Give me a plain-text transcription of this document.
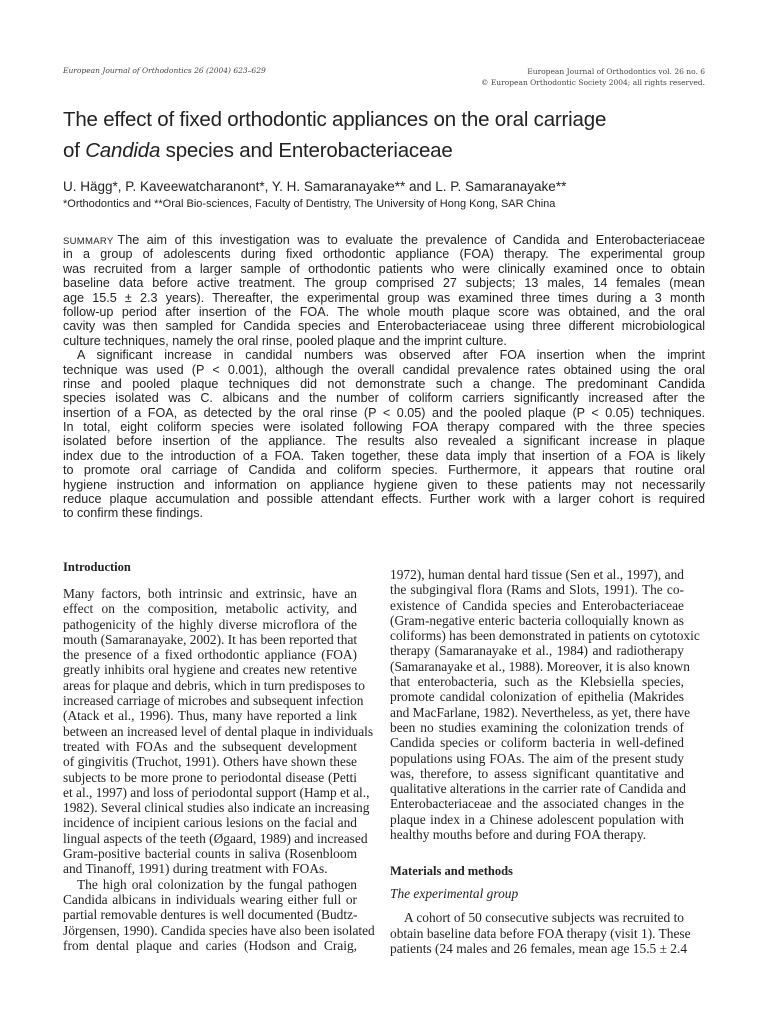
European Journal of Orthodontics 26 (2004) 623–629	European Journal of Orthodontics vol. 26 no. 6
© European Orthodontic Society 2004; all rights reserved.
The effect of fixed orthodontic appliances on the oral carriage
of Candida species and Enterobacteriaceae
U. Hägg*, P. Kaveewatcharanont*, Y. H. Samaranayake** and L. P. Samaranayake**
*Orthodontics and **Oral Bio-sciences, Faculty of Dentistry, The University of Hong Kong, SAR China
SUMMARY The aim of this investigation was to evaluate the prevalence of Candida and Enterobacteriaceae
in a group of adolescents during fixed orthodontic appliance (FOA) therapy. The experimental group
was recruited from a larger sample of orthodontic patients who were clinically examined once to obtain
baseline data before active treatment. The group comprised 27 subjects; 13 males, 14 females (mean
age 15.5 ± 2.3 years). Thereafter, the experimental group was examined three times during a 3 month
follow-up period after insertion of the FOA. The whole mouth plaque score was obtained, and the oral
cavity was then sampled for Candida species and Enterobacteriaceae using three different microbiological
culture techniques, namely the oral rinse, pooled plaque and the imprint culture.
A significant increase in candidal numbers was observed after FOA insertion when the imprint
technique was used (P < 0.001), although the overall candidal prevalence rates obtained using the oral
rinse and pooled plaque techniques did not demonstrate such a change. The predominant Candida
species isolated was C. albicans and the number of coliform carriers significantly increased after the
insertion of a FOA, as detected by the oral rinse (P < 0.05) and the pooled plaque (P < 0.05) techniques.
In total, eight coliform species were isolated following FOA therapy compared with the three species
isolated before insertion of the appliance. The results also revealed a significant increase in plaque
index due to the introduction of a FOA. Taken together, these data imply that insertion of a FOA is likely
to promote oral carriage of Candida and coliform species. Furthermore, it appears that routine oral
hygiene instruction and information on appliance hygiene given to these patients may not necessarily
reduce plaque accumulation and possible attendant effects. Further work with a larger cohort is required
to confirm these findings.
Introduction
Many factors, both intrinsic and extrinsic, have an
effect on the composition, metabolic activity, and
pathogenicity of the highly diverse microflora of the
mouth (Samaranayake, 2002). It has been reported that
the presence of a fixed orthodontic appliance (FOA)
greatly inhibits oral hygiene and creates new retentive
areas for plaque and debris, which in turn predisposes to
increased carriage of microbes and subsequent infection
(Atack et al., 1996). Thus, many have reported a link
between an increased level of dental plaque in individuals
treated with FOAs and the subsequent development
of gingivitis (Truchot, 1991). Others have shown these
subjects to be more prone to periodontal disease (Petti
et al., 1997) and loss of periodontal support (Hamp et al.,
1982). Several clinical studies also indicate an increasing
incidence of incipient carious lesions on the facial and
lingual aspects of the teeth (Øgaard, 1989) and increased
Gram-positive bacterial counts in saliva (Rosenbloom
and Tinanoff, 1991) during treatment with FOAs.
The high oral colonization by the fungal pathogen
Candida albicans in individuals wearing either full or
partial removable dentures is well documented (Budtz-
Jörgensen, 1990). Candida species have also been isolated
from dental plaque and caries (Hodson and Craig,
1972), human dental hard tissue (Sen et al., 1997), and
the subgingival flora (Rams and Slots, 1991). The co-
existence of Candida species and Enterobacteriaceae
(Gram-negative enteric bacteria colloquially known as
coliforms) has been demonstrated in patients on cytotoxic
therapy (Samaranayake et al., 1984) and radiotherapy
(Samaranayake et al., 1988). Moreover, it is also known
that enterobacteria, such as the Klebsiella species,
promote candidal colonization of epithelia (Makrides
and MacFarlane, 1982). Nevertheless, as yet, there have
been no studies examining the colonization trends of
Candida species or coliform bacteria in well-defined
populations using FOAs. The aim of the present study
was, therefore, to assess significant quantitative and
qualitative alterations in the carrier rate of Candida and
Enterobacteriaceae and the associated changes in the
plaque index in a Chinese adolescent population with
healthy mouths before and during FOA therapy.
Materials and methods
The experimental group
A cohort of 50 consecutive subjects was recruited to
obtain baseline data before FOA therapy (visit 1). These
patients (24 males and 26 females, mean age 15.5 ± 2.4
